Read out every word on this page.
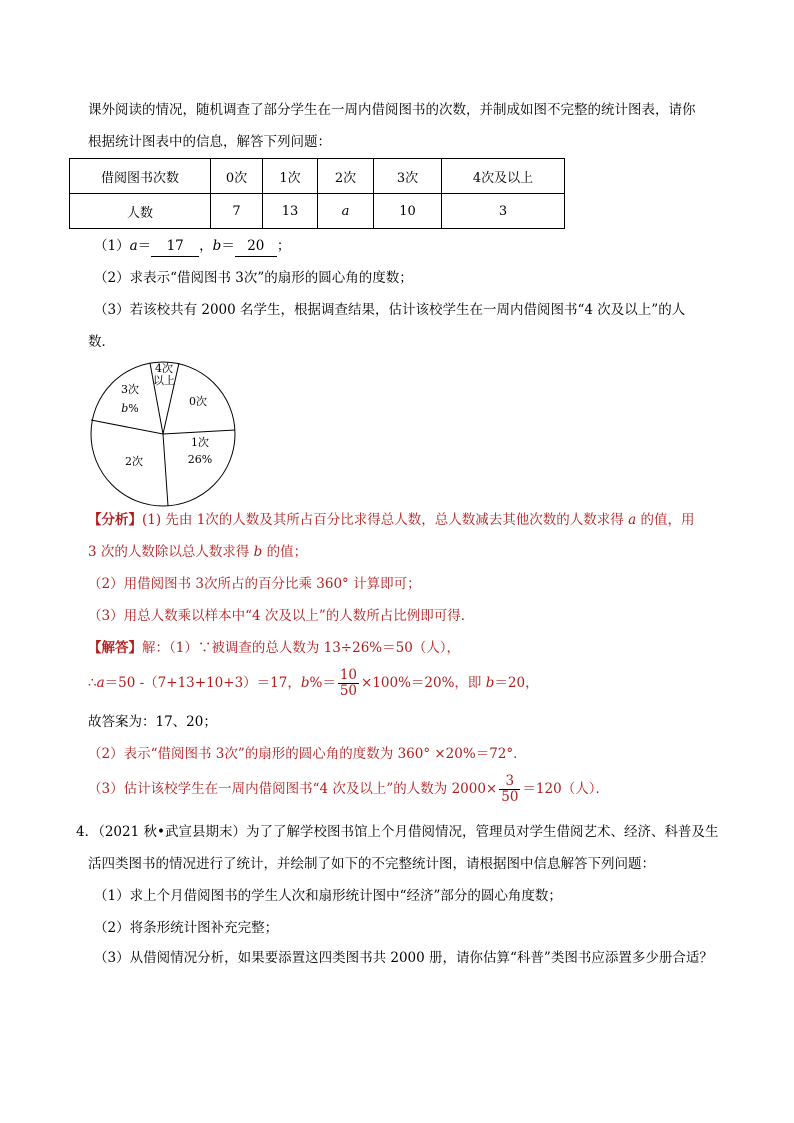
课外阅读的情况，随机调查了部分学生在一周内借阅图书的次数，并制成如图不完整的统计图表，请你
根据统计图表中的信息，解答下列问题：
借阅图书次数	0次	1次	2次	3次	4次及以上
人数	7	13	a	10	3
（1）a＝ 17 ，b＝ 20 ；
（2）求表示“借阅图书 3次”的扇形的圆心角的度数；
（3）若该校共有 2000 名学生，根据调查结果，估计该校学生在一周内借阅图书“4 次及以上”的人
数．
4次
以上
0次
1次
26%
2次
3次
b%
【分析】(1) 先由 1次的人数及其所占百分比求得总人数，总人数减去其他次数的人数求得 a 的值，用
3 次的人数除以总人数求得 b 的值；
（2）用借阅图书 3次所占的百分比乘 360° 计算即可；
（3）用总人数乘以样本中“4 次及以上”的人数所占比例即可得．
【解答】解：（1）∵被调查的总人数为 13÷26%＝50（人），
∴a＝50 -（7+13+10+3）＝17，$b\%= \frac{10}{50} \times 100\%=20\%$，即 b＝20，
故答案为：17、20；
（2）表示“借阅图书 3次”的扇形的圆心角的度数为 360° ×20%＝72°．
（3）估计该校学生在一周内借阅图书“4 次及以上”的人数为 $2000\times \frac{3}{50} =120$（人）．
4．（2021 秋•武宣县期末）为了了解学校图书馆上个月借阅情况，管理员对学生借阅艺术、经济、科普及生
活四类图书的情况进行了统计，并绘制了如下的不完整统计图，请根据图中信息解答下列问题：
（1）求上个月借阅图书的学生人次和扇形统计图中“经济”部分的圆心角度数；
（2）将条形统计图补充完整；
（3）从借阅情况分析，如果要添置这四类图书共 2000 册，请你估算“科普”类图书应添置多少册合适？
